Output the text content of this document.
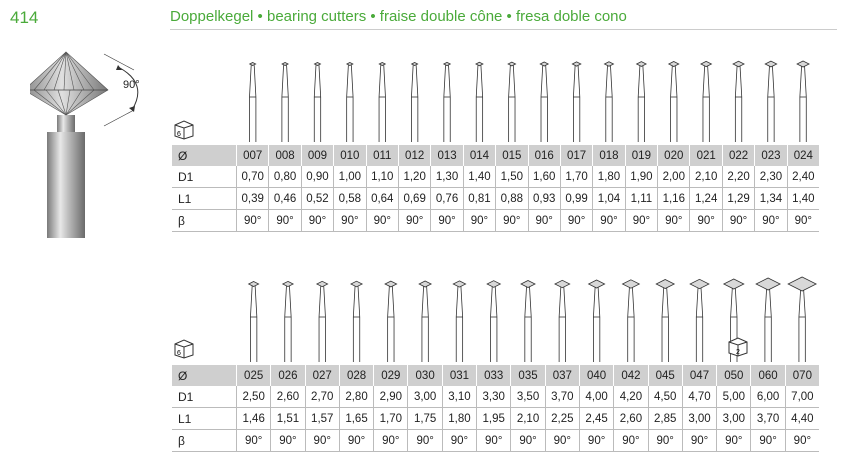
414	Doppelkegel • bearing cutters • fraise double cône • fresa doble cono
90°
6
6	2
Ø	007	008	009	010	011	012	013	014	015	016	017	018	019	020	021	022	023	024
D1	0,70	0,80	0,90	1,00	1,10	1,20	1,30	1,40	1,50	1,60	1,70	1,80	1,90	2,00	2,10	2,20	2,30	2,40
L1	0,39	0,46	0,52	0,58	0,64	0,69	0,76	0,81	0,88	0,93	0,99	1,04	1,11	1,16	1,24	1,29	1,34	1,40
β	90°	90°	90°	90°	90°	90°	90°	90°	90°	90°	90°	90°	90°	90°	90°	90°	90°	90°
Ø	025	026	027	028	029	030	031	033	035	037	040	042	045	047	050	060	070
D1	2,50	2,60	2,70	2,80	2,90	3,00	3,10	3,30	3,50	3,70	4,00	4,20	4,50	4,70	5,00	6,00	7,00
L1	1,46	1,51	1,57	1,65	1,70	1,75	1,80	1,95	2,10	2,25	2,45	2,60	2,85	3,00	3,00	3,70	4,40
β	90°	90°	90°	90°	90°	90°	90°	90°	90°	90°	90°	90°	90°	90°	90°	90°	90°
